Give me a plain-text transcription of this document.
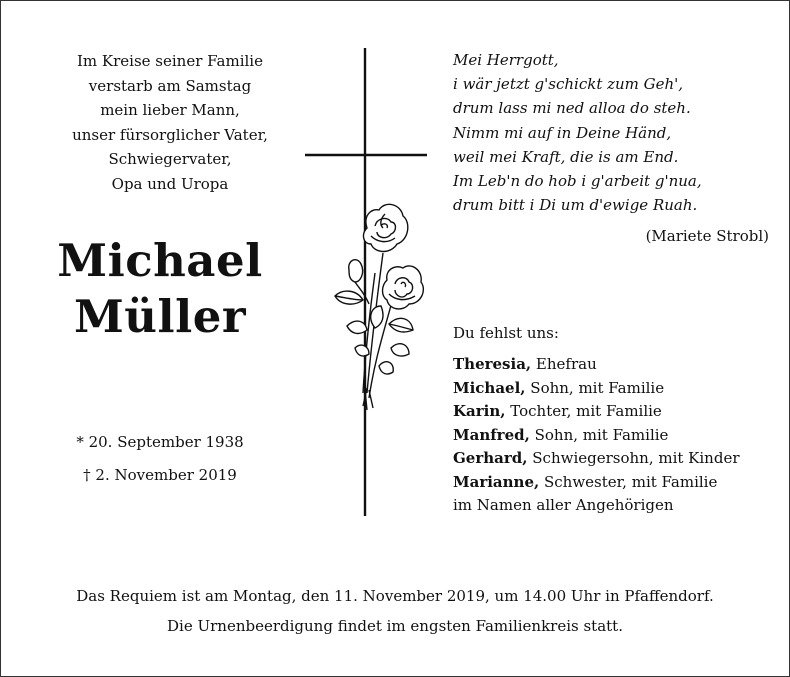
Im Kreise seiner Familie
verstarb am Samstag
mein lieber Mann,
unser fürsorglicher Vater,
Schwiegervater,
Opa und Uropa
Michael
Müller
* 20. September 1938
† 2. November 2019
Mei Herrgott,
i wär jetzt g'schickt zum Geh',
drum lass mi ned alloa do steh.
Nimm mi auf in Deine Händ,
weil mei Kraft, die is am End.
Im Leb'n do hob i g'arbeit g'nua,
drum bitt i Di um d'ewige Ruah.
(Mariete Strobl)
Du fehlst uns:
Theresia, Ehefrau
Michael, Sohn, mit Familie
Karin, Tochter, mit Familie
Manfred, Sohn, mit Familie
Gerhard, Schwiegersohn, mit Kinder
Marianne, Schwester, mit Familie
im Namen aller Angehörigen
Das Requiem ist am Montag, den 11. November 2019, um 14.00 Uhr in Pfaffendorf.
Die Urnenbeerdigung findet im engsten Familienkreis statt.
